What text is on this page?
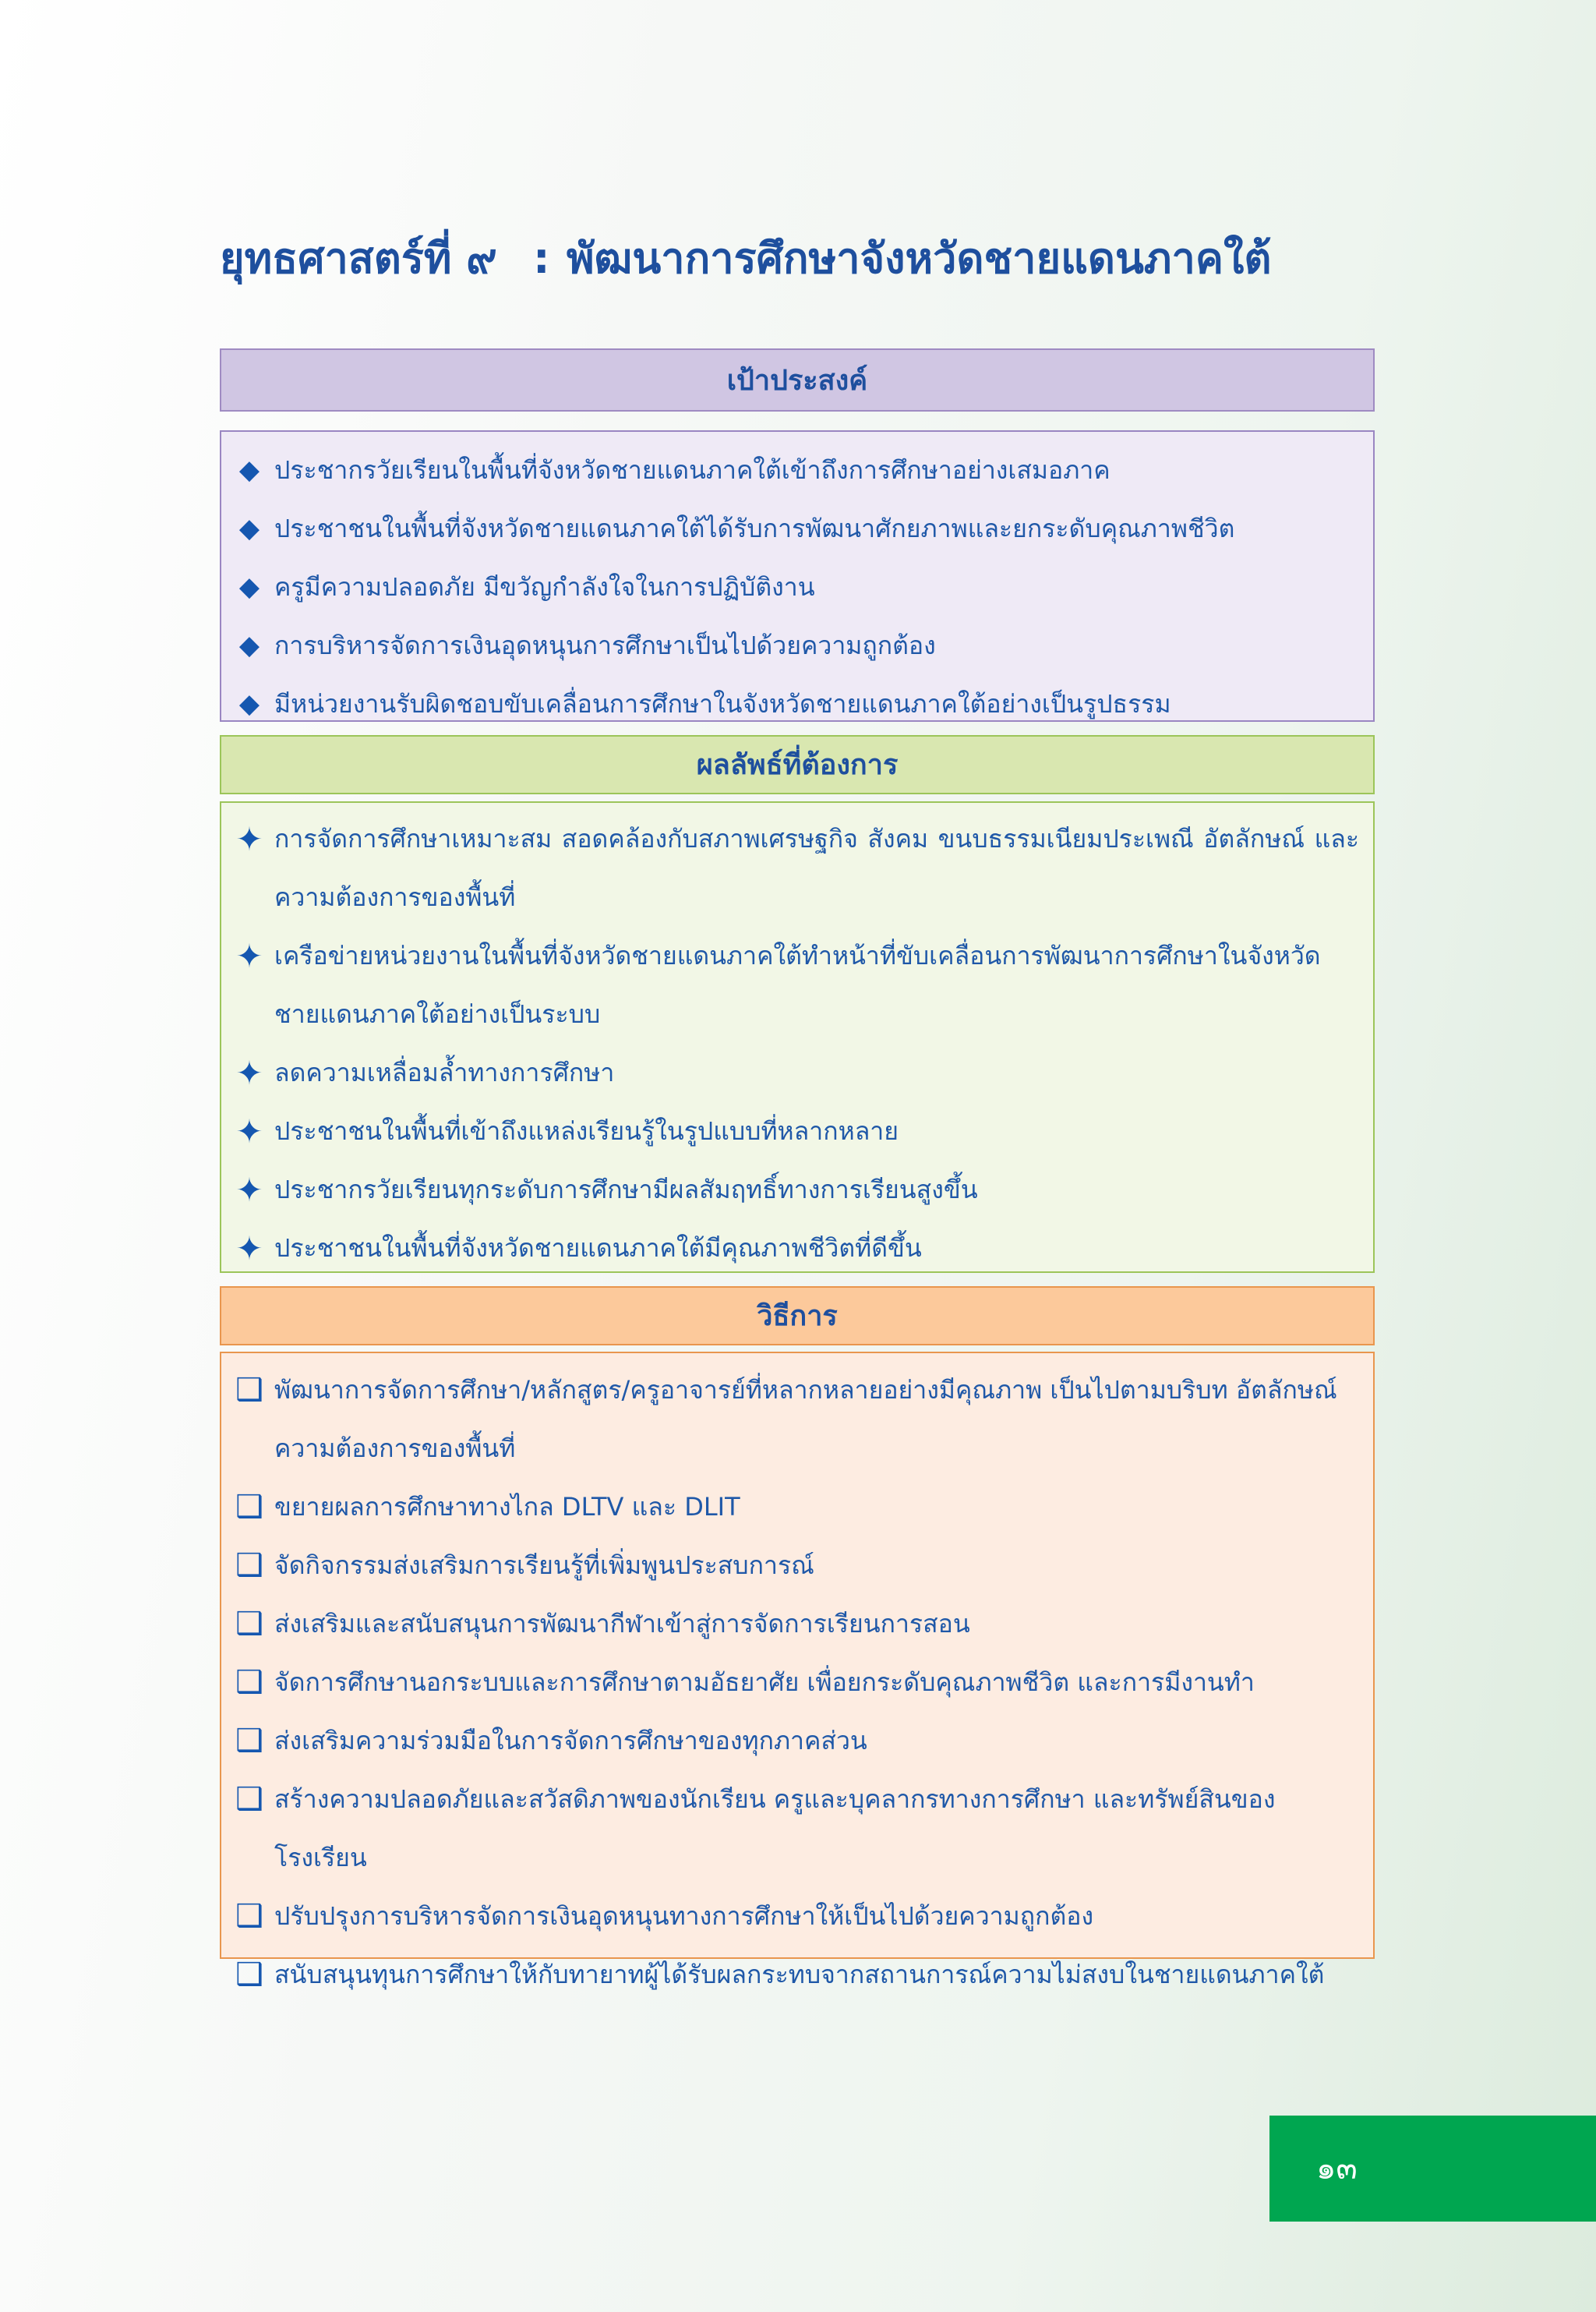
ยุทธศาสตร์ที่ ๙ : พัฒนาการศึกษาจังหวัดชายแดนภาคใต้
เป้าประสงค์
◆ ประชากรวัยเรียนในพื้นที่จังหวัดชายแดนภาคใต้เข้าถึงการศึกษาอย่างเสมอภาค
◆ ประชาชนในพื้นที่จังหวัดชายแดนภาคใต้ได้รับการพัฒนาศักยภาพและยกระดับคุณภาพชีวิต
◆ ครูมีความปลอดภัย มีขวัญกำลังใจในการปฏิบัติงาน
◆ การบริหารจัดการเงินอุดหนุนการศึกษาเป็นไปด้วยความถูกต้อง
◆ มีหน่วยงานรับผิดชอบขับเคลื่อนการศึกษาในจังหวัดชายแดนภาคใต้อย่างเป็นรูปธรรม
ผลลัพธ์ที่ต้องการ
✦ การจัดการศึกษาเหมาะสม สอดคล้องกับสภาพเศรษฐกิจ สังคม ขนบธรรมเนียมประเพณี อัตลักษณ์ และความต้องการของพื้นที่
✦ เครือข่ายหน่วยงานในพื้นที่จังหวัดชายแดนภาคใต้ทำหน้าที่ขับเคลื่อนการพัฒนาการศึกษาในจังหวัดชายแดนภาคใต้อย่างเป็นระบบ
✦ ลดความเหลื่อมล้ำทางการศึกษา
✦ ประชาชนในพื้นที่เข้าถึงแหล่งเรียนรู้ในรูปแบบที่หลากหลาย
✦ ประชากรวัยเรียนทุกระดับการศึกษามีผลสัมฤทธิ์ทางการเรียนสูงขึ้น
✦ ประชาชนในพื้นที่จังหวัดชายแดนภาคใต้มีคุณภาพชีวิตที่ดีขึ้น
วิธีการ
❑ พัฒนาการจัดการศึกษา/หลักสูตร/ครูอาจารย์ที่หลากหลายอย่างมีคุณภาพ เป็นไปตามบริบท อัตลักษณ์ ความต้องการของพื้นที่
❑ ขยายผลการศึกษาทางไกล DLTV และ DLIT
❑ จัดกิจกรรมส่งเสริมการเรียนรู้ที่เพิ่มพูนประสบการณ์
❑ ส่งเสริมและสนับสนุนการพัฒนากีฬาเข้าสู่การจัดการเรียนการสอน
❑ จัดการศึกษานอกระบบและการศึกษาตามอัธยาศัย เพื่อยกระดับคุณภาพชีวิต และการมีงานทำ
❑ ส่งเสริมความร่วมมือในการจัดการศึกษาของทุกภาคส่วน
❑ สร้างความปลอดภัยและสวัสดิภาพของนักเรียน ครูและบุคลากรทางการศึกษา และทรัพย์สินของโรงเรียน
❑ ปรับปรุงการบริหารจัดการเงินอุดหนุนทางการศึกษาให้เป็นไปด้วยความถูกต้อง
❑ สนับสนุนทุนการศึกษาให้กับทายาทผู้ได้รับผลกระทบจากสถานการณ์ความไม่สงบในชายแดนภาคใต้
๑๓
